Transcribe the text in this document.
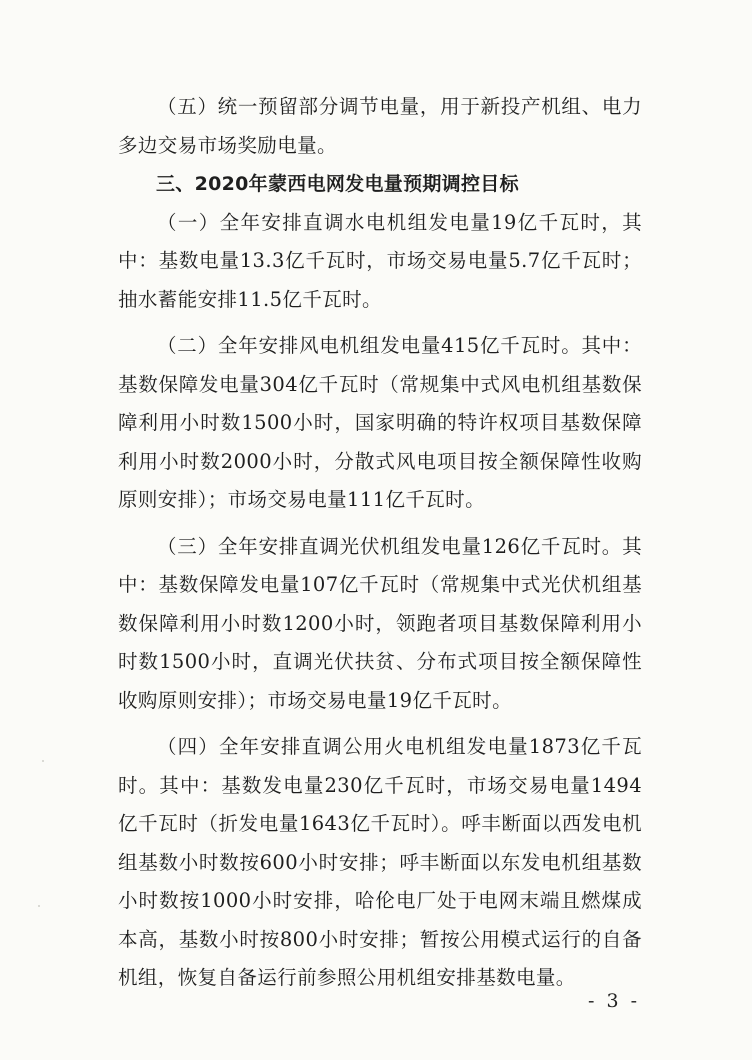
（五）统一预留部分调节电量，用于新投产机组、电力多边交易市场奖励电量。

三、2020年蒙西电网发电量预期调控目标

（一）全年安排直调水电机组发电量19亿千瓦时，其中：基数电量13.3亿千瓦时，市场交易电量5.7亿千瓦时；抽水蓄能安排11.5亿千瓦时。

（二）全年安排风电机组发电量415亿千瓦时。其中：基数保障发电量304亿千瓦时（常规集中式风电机组基数保障利用小时数1500小时，国家明确的特许权项目基数保障利用小时数2000小时，分散式风电项目按全额保障性收购原则安排）；市场交易电量111亿千瓦时。

（三）全年安排直调光伏机组发电量126亿千瓦时。其中：基数保障发电量107亿千瓦时（常规集中式光伏机组基数保障利用小时数1200小时，领跑者项目基数保障利用小时数1500小时，直调光伏扶贫、分布式项目按全额保障性收购原则安排）；市场交易电量19亿千瓦时。

（四）全年安排直调公用火电机组发电量1873亿千瓦时。其中：基数发电量230亿千瓦时，市场交易电量1494亿千瓦时（折发电量1643亿千瓦时）。呼丰断面以西发电机组基数小时数按600小时安排；呼丰断面以东发电机组基数小时数按1000小时安排，哈伦电厂处于电网末端且燃煤成本高，基数小时按800小时安排；暂按公用模式运行的自备机组，恢复自备运行前参照公用机组安排基数电量。

- 3 -
